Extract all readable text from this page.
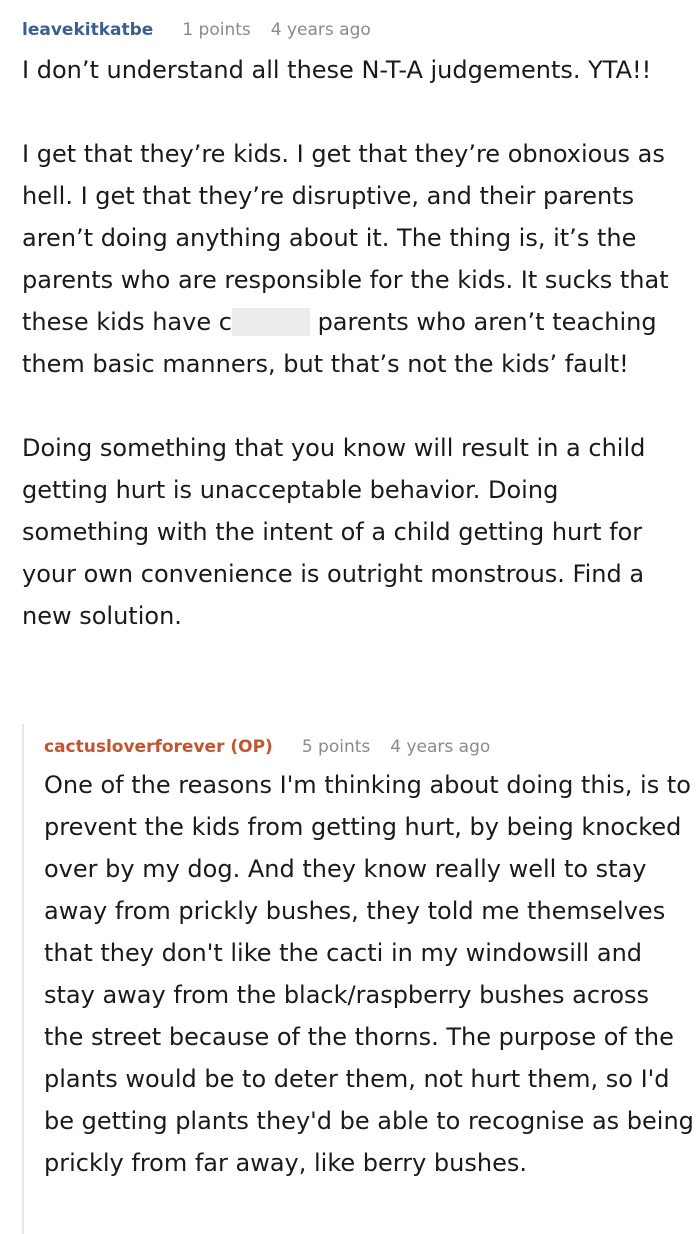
leavekitkatbe 1 points 4 years ago

I don’t understand all these N-T-A judgements. YTA!!

I get that they’re kids. I get that they’re obnoxious as hell. I get that they’re disruptive, and their parents aren’t doing anything about it. The thing is, it’s the parents who are responsible for the kids. It sucks that these kids have c	parents who aren’t teaching them basic manners, but that’s not the kids’ fault!

Doing something that you know will result in a child getting hurt is unacceptable behavior. Doing something with the intent of a child getting hurt for your own convenience is outright monstrous. Find a new solution.

cactusloverforever (OP) 5 points 4 years ago

One of the reasons I'm thinking about doing this, is to prevent the kids from getting hurt, by being knocked over by my dog. And they know really well to stay away from prickly bushes, they told me themselves that they don't like the cacti in my windowsill and stay away from the black/raspberry bushes across the street because of the thorns. The purpose of the plants would be to deter them, not hurt them, so I'd be getting plants they'd be able to recognise as being prickly from far away, like berry bushes.
